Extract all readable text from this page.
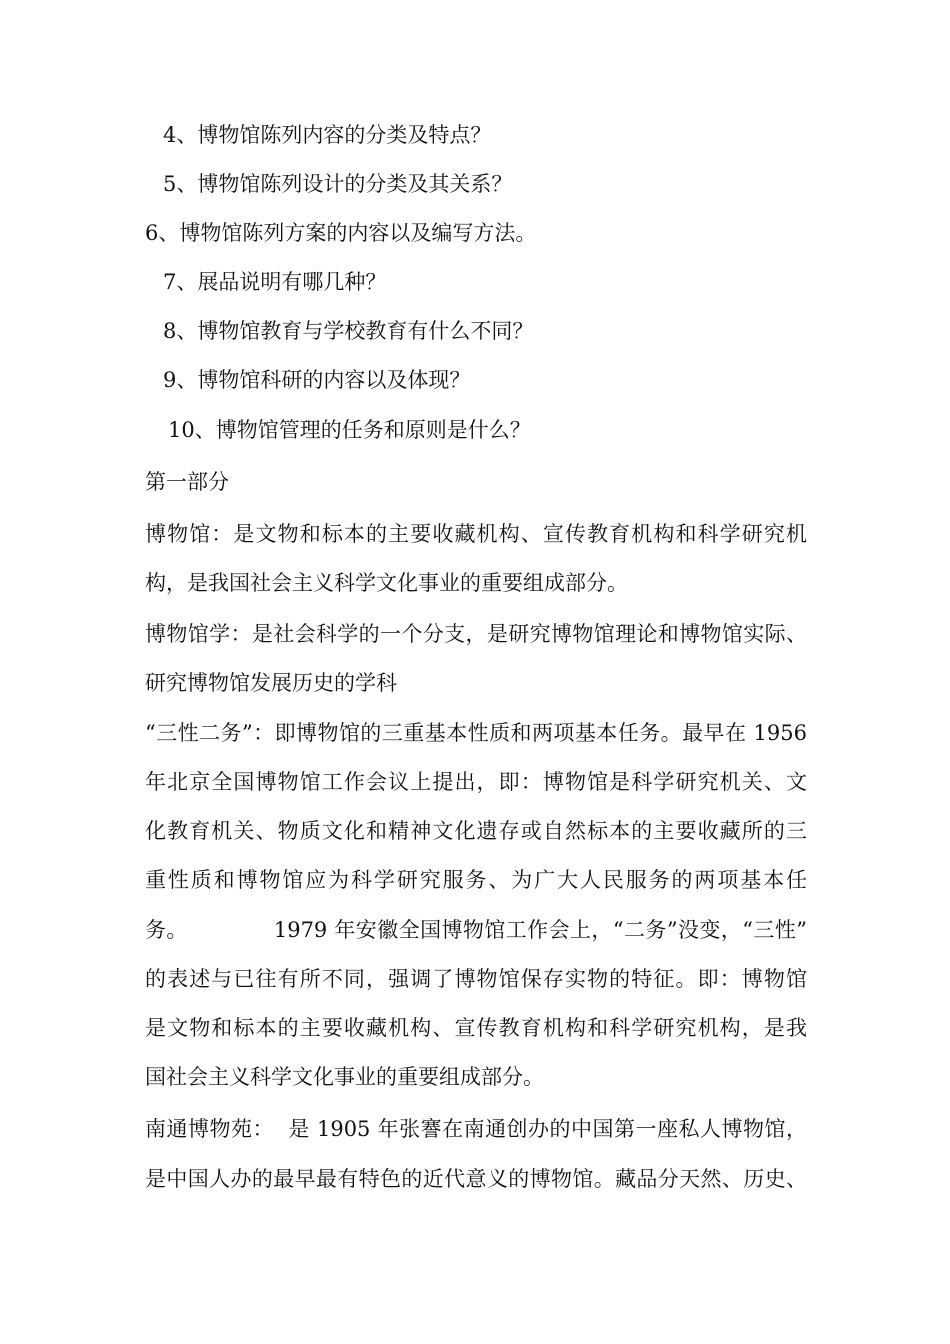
4、博物馆陈列内容的分类及特点？
5、博物馆陈列设计的分类及其关系？
6、博物馆陈列方案的内容以及编写方法。
7、展品说明有哪几种？
8、博物馆教育与学校教育有什么不同？
9、博物馆科研的内容以及体现？
10、博物馆管理的任务和原则是什么？
第一部分
博物馆：是文物和标本的主要收藏机构、宣传教育机构和科学研究机
构，是我国社会主义科学文化事业的重要组成部分。
博物馆学：是社会科学的一个分支，是研究博物馆理论和博物馆实际、
研究博物馆发展历史的学科
“三性二务”：即博物馆的三重基本性质和两项基本任务。最早在 1956
年北京全国博物馆工作会议上提出，即：博物馆是科学研究机关、文
化教育机关、物质文化和精神文化遗存或自然标本的主要收藏所的三
重性质和博物馆应为科学研究服务、为广大人民服务的两项基本任
务。	1979 年安徽全国博物馆工作会上，“二务”没变，“三性”
的表述与已往有所不同，强调了博物馆保存实物的特征。即：博物馆
是文物和标本的主要收藏机构、宣传教育机构和科学研究机构，是我
国社会主义科学文化事业的重要组成部分。
南通博物苑： 是 1905 年张謇在南通创办的中国第一座私人博物馆，
是中国人办的最早最有特色的近代意义的博物馆。藏品分天然、历史、
